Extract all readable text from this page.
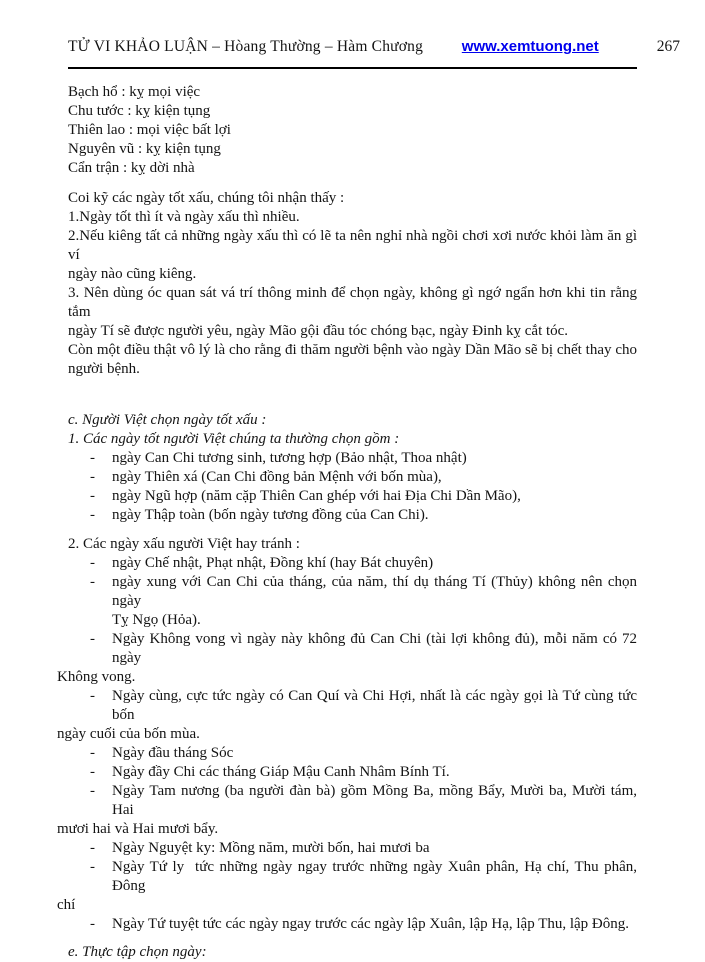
TỬ VI KHẢO LUẬN – Hòang Thường – Hàm Chương	www.xemtuong.net	267
Bạch hổ : kỵ mọi việc
Chu tước : kỵ kiện tụng
Thiên lao : mọi việc bất lợi
Nguyên vũ : kỵ kiện tụng
Cẩn trận : kỵ dời nhà
Coi kỹ các ngày tốt xấu, chúng tôi nhận thấy :
1.Ngày tốt thì ít và ngày xấu thì nhiều.
2.Nếu kiêng tất cả những ngày xấu thì có lẽ ta nên nghỉ nhà ngồi chơi xơi nước khỏi làm ăn gì ví
ngày nào cũng kiêng.
3. Nên dùng óc quan sát vá trí thông minh để chọn ngày, không gì ngớ ngẩn hơn khi tin rằng tắm
ngày Tí sẽ được người yêu, ngày Mão gội đầu tóc chóng bạc, ngày Đinh kỵ cắt tóc.
Còn một điều thật vô lý là cho rằng đi thăm người bệnh vào ngày Dần Mão sẽ bị chết thay cho
người bệnh.
c. Người Việt chọn ngày tốt xấu :
1. Các ngày tốt người Việt chúng ta thường chọn gồm :
- ngày Can Chi tương sinh, tương hợp (Bảo nhật, Thoa nhật)
- ngày Thiên xá (Can Chi đồng bản Mệnh với bốn mùa),
- ngày Ngũ hợp (năm cặp Thiên Can ghép với hai Địa Chi Dần Mão),
- ngày Thập toàn (bốn ngày tương đồng của Can Chi).
2. Các ngày xấu người Việt hay tránh :
- ngày Chế nhật, Phạt nhật, Đồng khí (hay Bát chuyên)
- ngày xung với Can Chi của tháng, của năm, thí dụ tháng Tí (Thủy) không nên chọn ngày
Tỵ Ngọ (Hỏa).
- Ngày Không vong vì ngày này không đủ Can Chi (tài lợi không đủ), mỗi năm có 72 ngày
Không vong.
- Ngày cùng, cực tức ngày có Can Quí và Chi Hợi, nhất là các ngày gọi là Tứ cùng tức bốn
ngày cuối của bốn mùa.
- Ngày đầu tháng Sóc
- Ngày đầy Chi các tháng Giáp Mậu Canh Nhâm Bính Tí.
- Ngày Tam nương (ba người đàn bà) gồm Mồng Ba, mồng Bẩy, Mười ba, Mười tám, Hai
mươi hai và Hai mươi bẩy.
- Ngày Nguyệt ky: Mồng năm, mười bốn, hai mươi ba
- Ngày Tứ ly  tức những ngày ngay trước những ngày Xuân phân, Hạ chí, Thu phân, Đông
chí
- Ngày Tứ tuyệt tức các ngày ngay trước các ngày lập Xuân, lập Hạ, lập Thu, lập Đông.
e. Thực tập chọn ngày:
